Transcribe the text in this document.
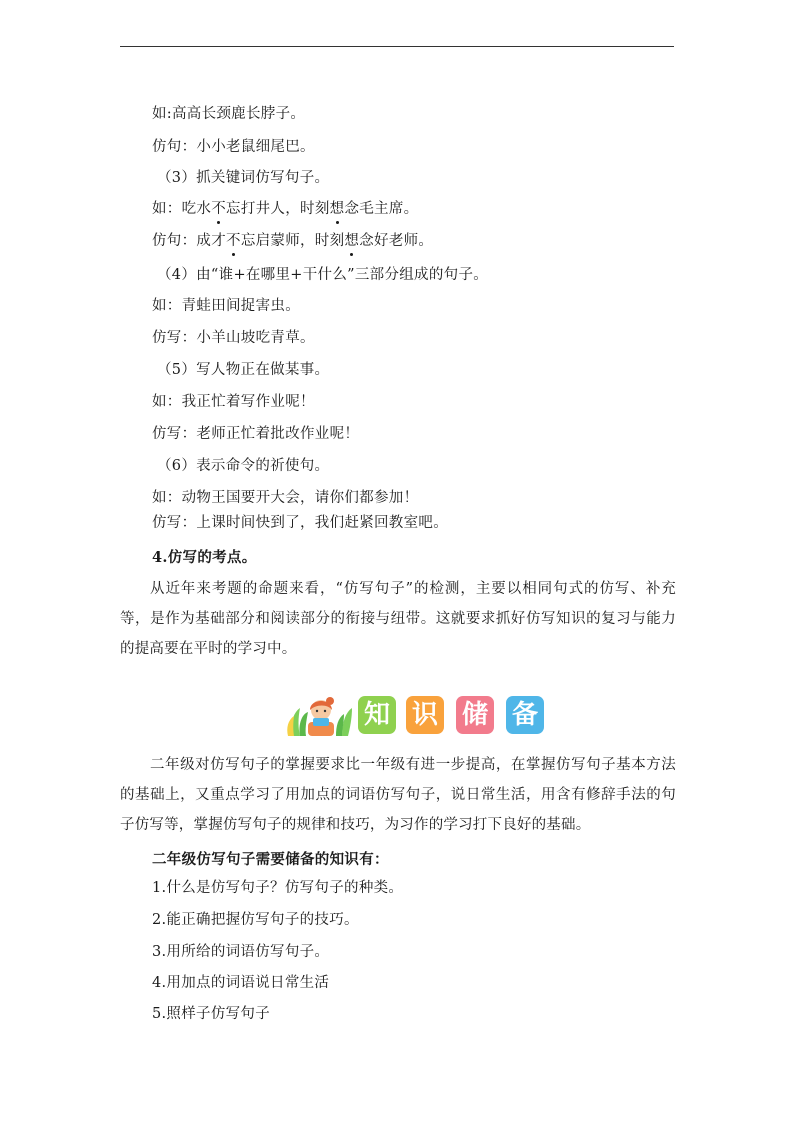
如:高高长颈鹿长脖子。
仿句：小小老鼠细尾巴。
（3）抓关键词仿写句子。
如：吃水不忘打井人，时刻想念毛主席。
仿句：成才不忘启蒙师，时刻想念好老师。
（4）由“谁+在哪里+干什么”三部分组成的句子。
如：青蛙田间捉害虫。
仿写：小羊山坡吃青草。
（5）写人物正在做某事。
如：我正忙着写作业呢！
仿写：老师正忙着批改作业呢！
（6）表示命令的祈使句。
如：动物王国要开大会，请你们都参加！
仿写：上课时间快到了，我们赶紧回教室吧。
4.仿写的考点。
从近年来考题的命题来看，“仿写句子”的检测，主要以相同句式的仿写、补充等，是作为基础部分和阅读部分的衔接与纽带。这就要求抓好仿写知识的复习与能力的提高要在平时的学习中。
知 识 储 备
二年级对仿写句子的掌握要求比一年级有进一步提高，在掌握仿写句子基本方法的基础上，又重点学习了用加点的词语仿写句子，说日常生活，用含有修辞手法的句子仿写等，掌握仿写句子的规律和技巧，为习作的学习打下良好的基础。
二年级仿写句子需要储备的知识有：
1.什么是仿写句子？仿写句子的种类。
2.能正确把握仿写句子的技巧。
3.用所给的词语仿写句子。
4.用加点的词语说日常生活
5.照样子仿写句子
